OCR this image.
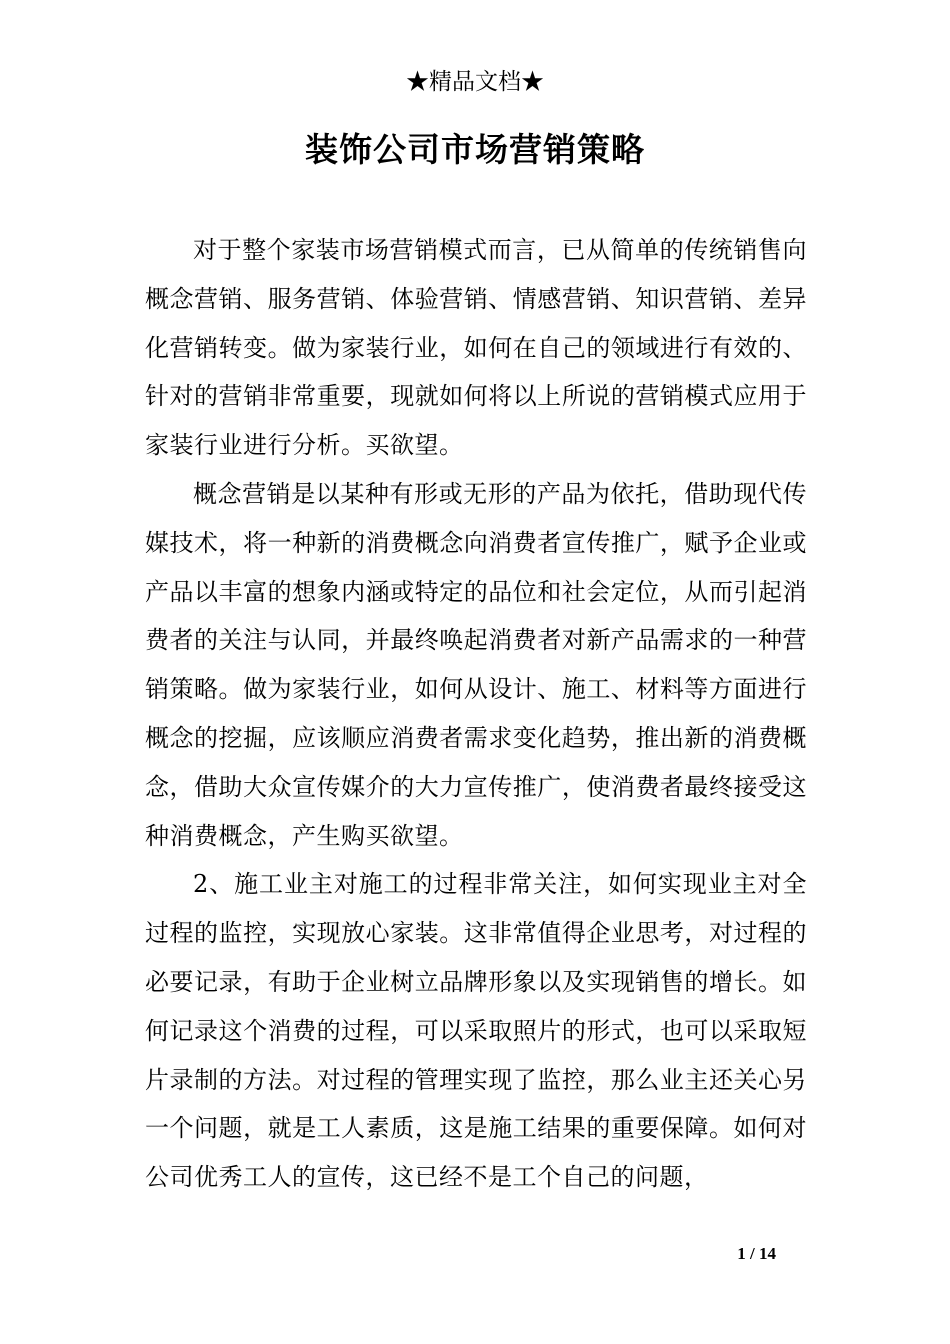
★精品文档★
装饰公司市场营销策略

对于整个家装市场营销模式而言，已从简单的传统销售向概念营销、服务营销、体验营销、情感营销、知识营销、差异化营销转变。做为家装行业，如何在自己的领域进行有效的、针对的营销非常重要，现就如何将以上所说的营销模式应用于家装行业进行分析。买欲望。

概念营销是以某种有形或无形的产品为依托，借助现代传媒技术，将一种新的消费概念向消费者宣传推广，赋予企业或产品以丰富的想象内涵或特定的品位和社会定位，从而引起消费者的关注与认同，并最终唤起消费者对新产品需求的一种营销策略。做为家装行业，如何从设计、施工、材料等方面进行概念的挖掘，应该顺应消费者需求变化趋势，推出新的消费概念，借助大众宣传媒介的大力宣传推广，使消费者最终接受这种消费概念，产生购买欲望。

2、施工业主对施工的过程非常关注，如何实现业主对全过程的监控，实现放心家装。这非常值得企业思考，对过程的必要记录，有助于企业树立品牌形象以及实现销售的增长。如何记录这个消费的过程，可以采取照片的形式，也可以采取短片录制的方法。对过程的管理实现了监控，那么业主还关心另一个问题，就是工人素质，这是施工结果的重要保障。如何对公司优秀工人的宣传，这已经不是工个自己的问题，

1 / 14
